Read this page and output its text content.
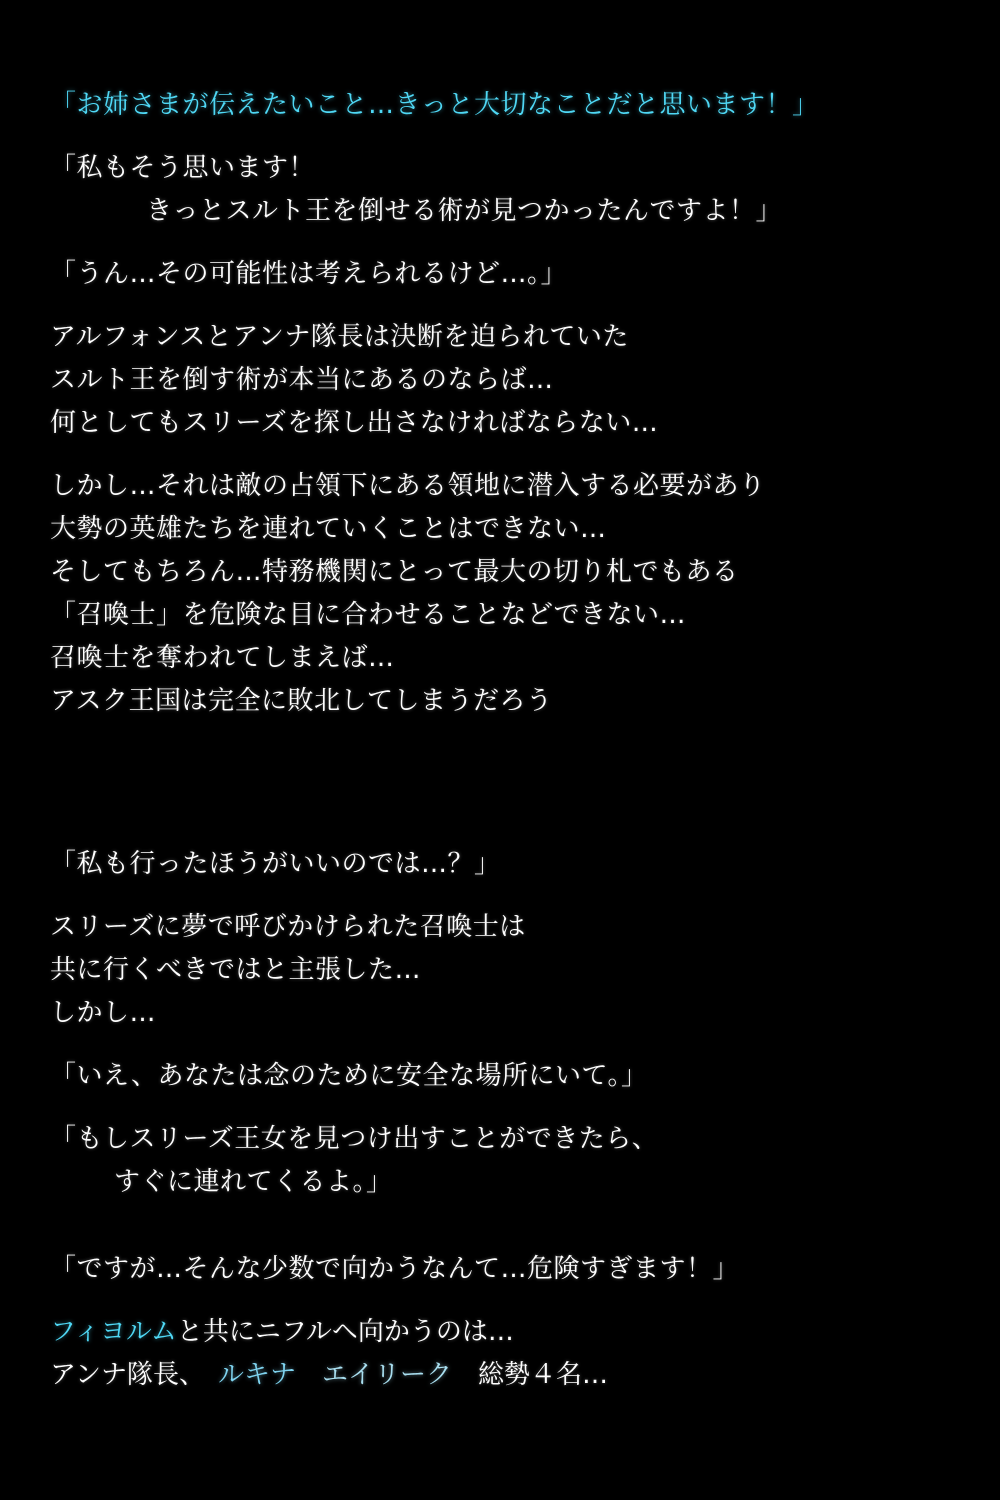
「お姉さまが伝えたいこと…きっと大切なことだと思います！」
「私もそう思います！
きっとスルト王を倒せる術が見つかったんですよ！」
「うん…その可能性は考えられるけど…。」
アルフォンスとアンナ隊長は決断を迫られていた
スルト王を倒す術が本当にあるのならば…
何としてもスリーズを探し出さなければならない…
しかし…それは敵の占領下にある領地に潜入する必要があり
大勢の英雄たちを連れていくことはできない…
そしてもちろん…特務機関にとって最大の切り札でもある
「召喚士」を危険な目に合わせることなどできない…
召喚士を奪われてしまえば…
アスク王国は完全に敗北してしまうだろう
「私も行ったほうがいいのでは…？」
スリーズに夢で呼びかけられた召喚士は
共に行くべきではと主張した…
しかし…
「いえ、あなたは念のために安全な場所にいて。」
「もしスリーズ王女を見つけ出すことができたら、
すぐに連れてくるよ。」
「ですが…そんな少数で向かうなんて…危険すぎます！」
フィヨルムと共にニフルヘ向かうのは…
アンナ隊長、　 ルキナ　 エイリーク　 総勢４名…
